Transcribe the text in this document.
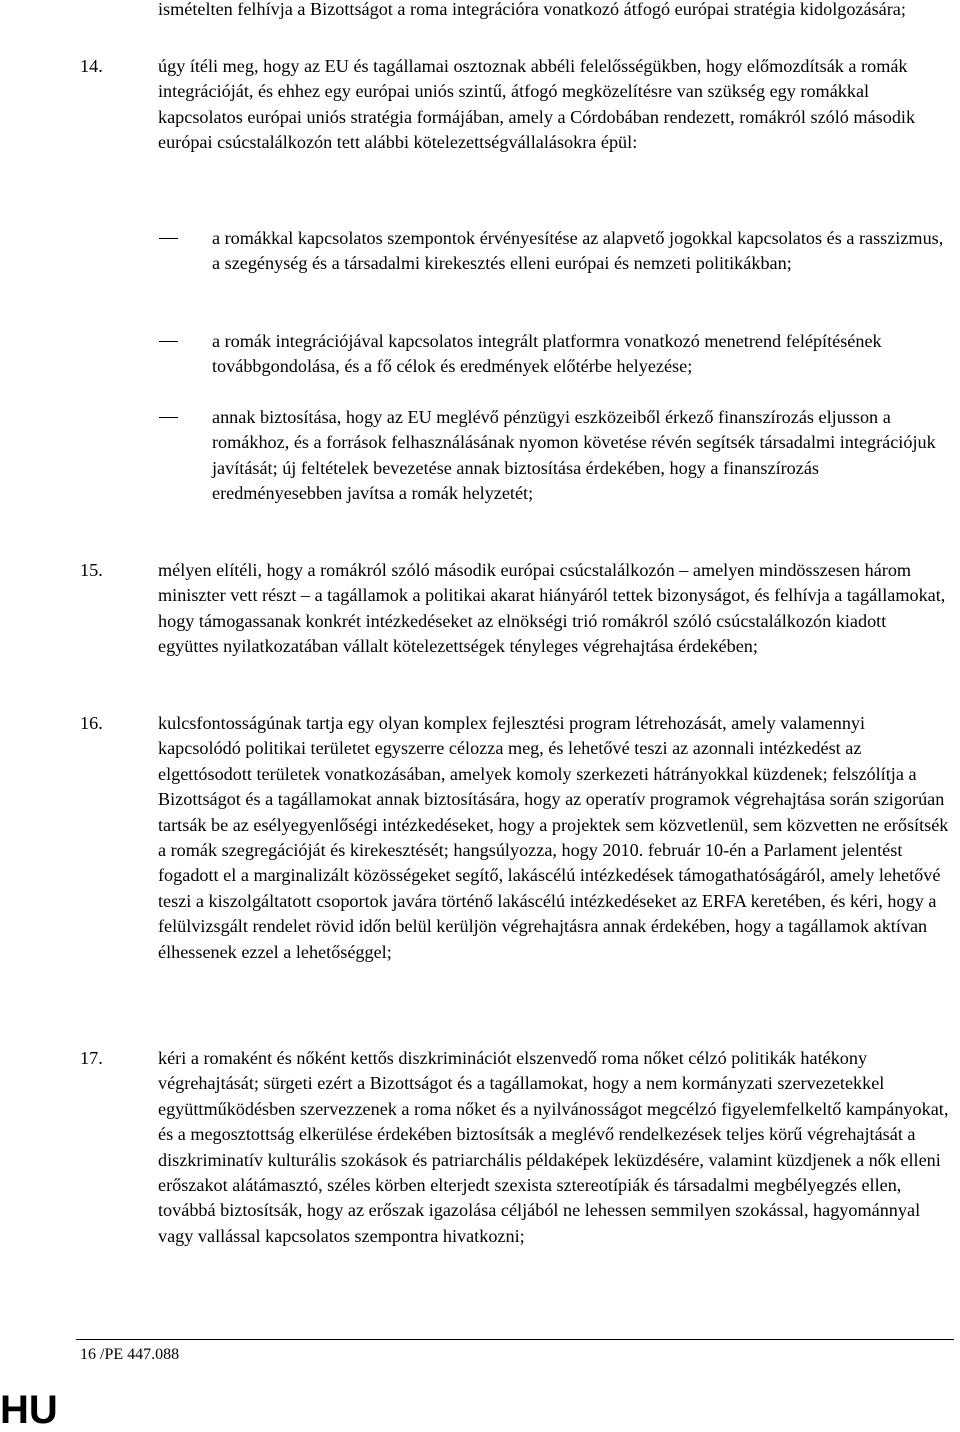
ismételten felhívja a Bizottságot a roma integrációra vonatkozó átfogó európai stratégia kidolgozására;
14.	úgy ítéli meg, hogy az EU és tagállamai osztoznak abbéli felelősségükben, hogy előmozdítsák a romák integrációját, és ehhez egy európai uniós szintű, átfogó megközelítésre van szükség egy romákkal kapcsolatos európai uniós stratégia formájában, amely a Córdobában rendezett, romákról szóló második európai csúcstalálkozón tett alábbi kötelezettségvállalásokra épül:
a romákkal kapcsolatos szempontok érvényesítése az alapvető jogokkal kapcsolatos és a rasszizmus, a szegénység és a társadalmi kirekesztés elleni európai és nemzeti politikákban;
a romák integrációjával kapcsolatos integrált platformra vonatkozó menetrend felépítésének továbbgondolása, és a fő célok és eredmények előtérbe helyezése;
annak biztosítása, hogy az EU meglévő pénzügyi eszközeiből érkező finanszírozás eljusson a romákhoz, és a források felhasználásának nyomon követése révén segítsék társadalmi integrációjuk javítását; új feltételek bevezetése annak biztosítása érdekében, hogy a finanszírozás eredményesebben javítsa a romák helyzetét;
15.	mélyen elítéli, hogy a romákról szóló második európai csúcstalálkozón – amelyen mindösszesen három miniszter vett részt – a tagállamok a politikai akarat hiányáról tettek bizonyságot, és felhívja a tagállamokat, hogy támogassanak konkrét intézkedéseket az elnökségi trió romákról szóló csúcstalálkozón kiadott együttes nyilatkozatában vállalt kötelezettségek tényleges végrehajtása érdekében;
16.	kulcsfontosságúnak tartja egy olyan komplex fejlesztési program létrehozását, amely valamennyi kapcsolódó politikai területet egyszerre célozza meg, és lehetővé teszi az azonnali intézkedést az elgettósodott területek vonatkozásában, amelyek komoly szerkezeti hátrányokkal küzdenek; felszólítja a Bizottságot és a tagállamokat annak biztosítására, hogy az operatív programok végrehajtása során szigorúan tartsák be az esélyegyenlőségi intézkedéseket, hogy a projektek sem közvetlenül, sem közvetten ne erősítsék a romák szegregációját és kirekesztését; hangsúlyozza, hogy 2010. február 10-én a Parlament jelentést fogadott el a marginalizált közösségeket segítő, lakáscélú intézkedések támogathatóságáról, amely lehetővé teszi a kiszolgáltatott csoportok javára történő lakáscélú intézkedéseket az ERFA keretében, és kéri, hogy a felülvizsgált rendelet rövid időn belül kerüljön végrehajtásra annak érdekében, hogy a tagállamok aktívan élhessenek ezzel a lehetőséggel;
17.	kéri a romaként és nőként kettős diszkriminációt elszenvedő roma nőket célzó politikák hatékony végrehajtását; sürgeti ezért a Bizottságot és a tagállamokat, hogy a nem kormányzati szervezetekkel együttműködésben szervezzenek a roma nőket és a nyilvánosságot megcélzó figyelemfelkeltő kampányokat, és a megosztottság elkerülése érdekében biztosítsák a meglévő rendelkezések teljes körű végrehajtását a diszkriminatív kulturális szokások és patriarchális példaképek leküzdésére, valamint küzdjenek a nők elleni erőszakot alátámasztó, széles körben elterjedt szexista sztereotípiák és társadalmi megbélyegzés ellen, továbbá biztosítsák, hogy az erőszak igazolása céljából ne lehessen semmilyen szokással, hagyománnyal vagy vallással kapcsolatos szempontra hivatkozni;
16 /PE 447.088
HU
